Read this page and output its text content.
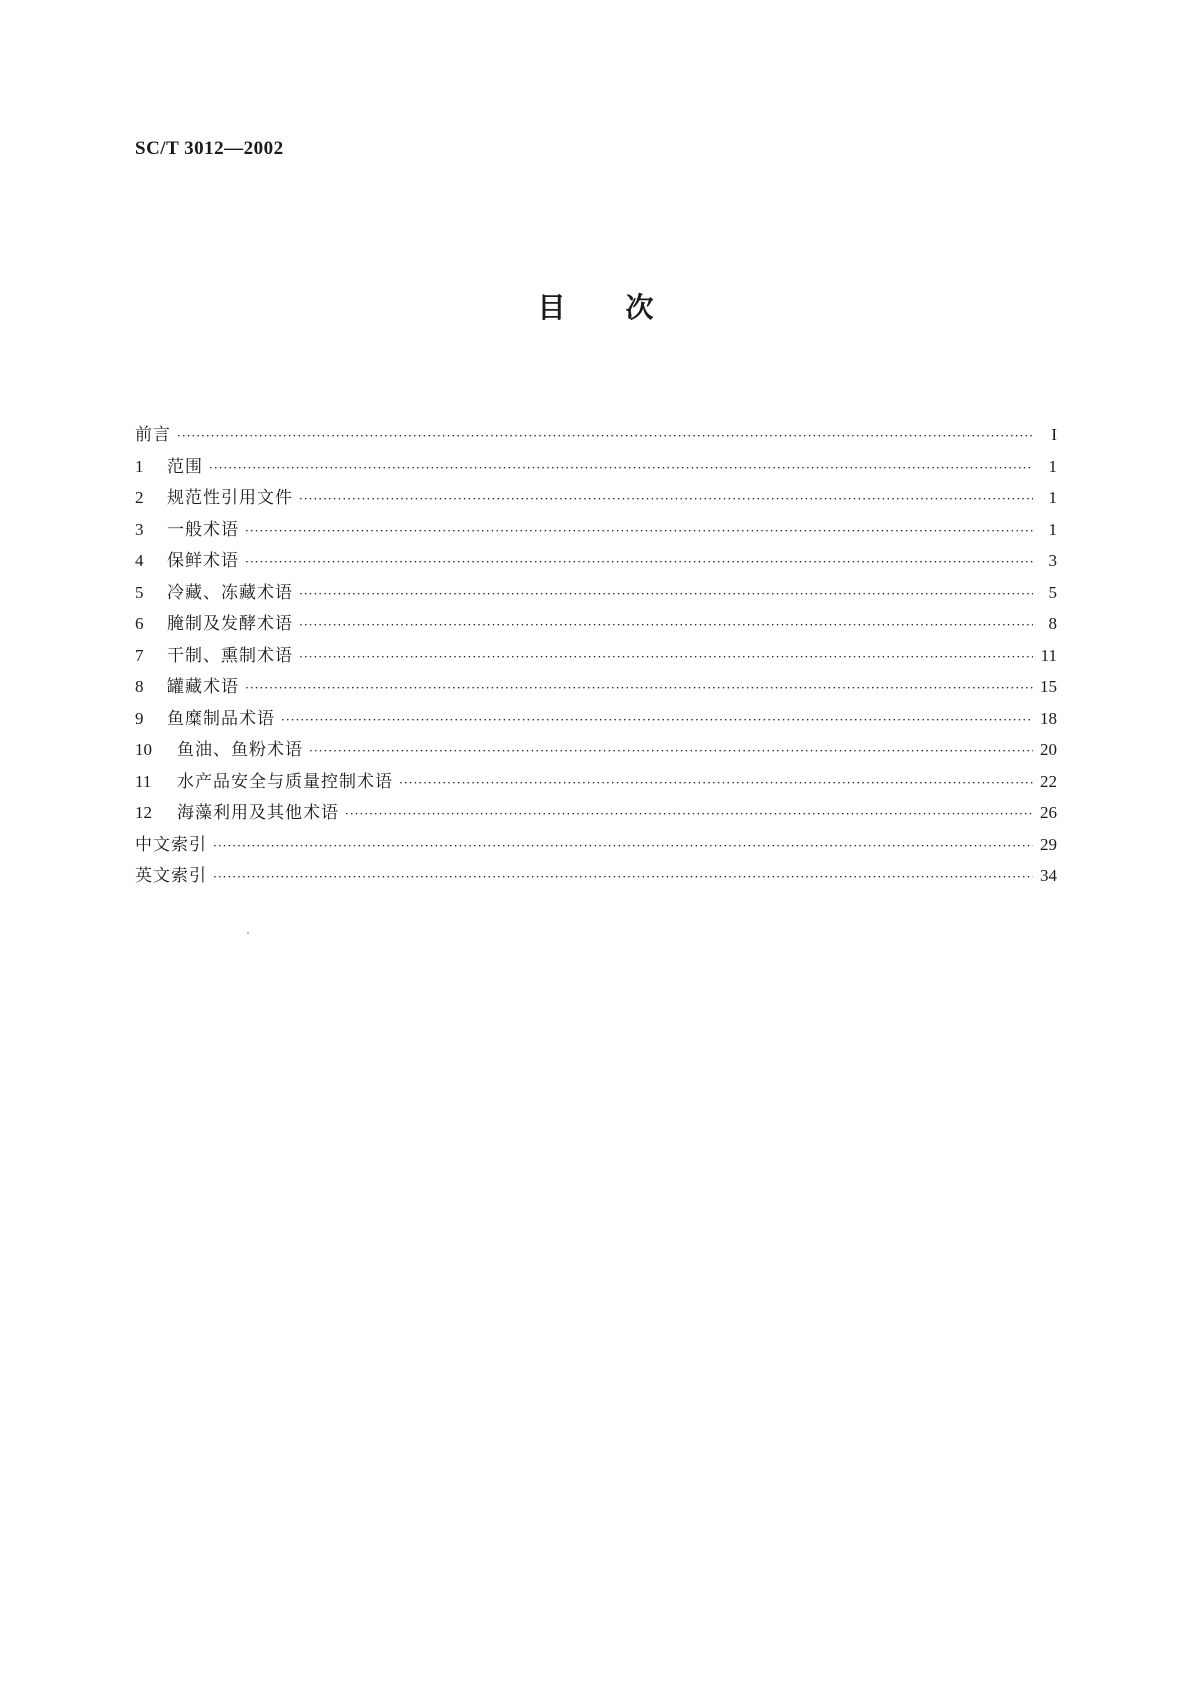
SC/T 3012—2002
目次
前言 ·····	I
1	范围 ·····	1
2	规范性引用文件 ·····	1
3	一般术语 ·····	1
4	保鲜术语 ·····	3
5	冷藏、冻藏术语 ·····	5
6	腌制及发酵术语 ·····	8
7	干制、熏制术语 ·····	11
8	罐藏术语 ·····	15
9	鱼糜制品术语 ·····	18
10	鱼油、鱼粉术语 ·····	20
11	水产品安全与质量控制术语 ·····	22
12	海藻利用及其他术语 ·····	26
中文索引 ·····	29
英文索引 ·····	34
